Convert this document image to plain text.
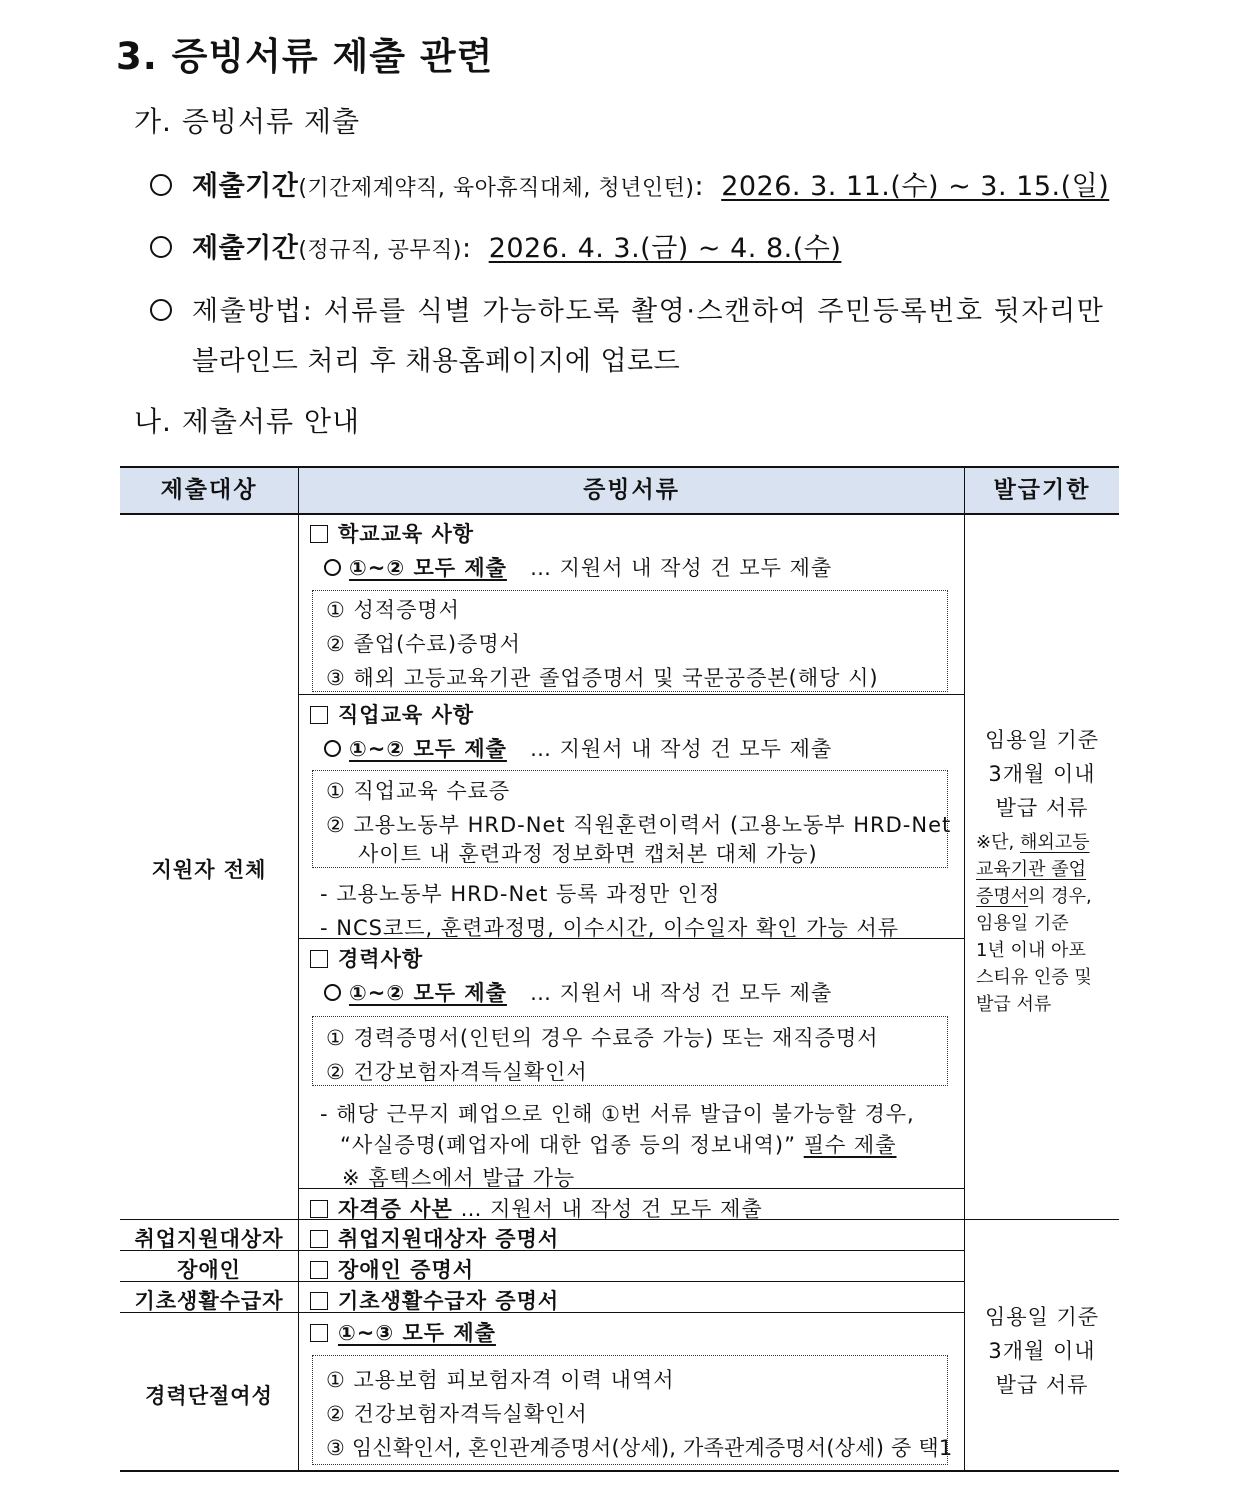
3. 증빙서류 제출 관련
가. 증빙서류 제출
제출기간(기간제계약직, 육아휴직대체, 청년인턴): 2026. 3. 11.(수) ~ 3. 15.(일)
제출기간(정규직, 공무직): 2026. 4. 3.(금) ~ 4. 8.(수)
제출방법: 서류를 식별 가능하도록 촬영·스캔하여 주민등록번호 뒷자리만
블라인드 처리 후 채용홈페이지에 업로드
나. 제출서류 안내
제출대상	증빙서류	발급기한
지원자 전체
취업지원대상자
장애인
기초생활수급자
경력단절여성
학교교육 사항
①~② 모두 제출 … 지원서 내 작성 건 모두 제출
① 성적증명서
② 졸업(수료)증명서
③ 해외 고등교육기관 졸업증명서 및 국문공증본(해당 시)
직업교육 사항
①~② 모두 제출 … 지원서 내 작성 건 모두 제출
① 직업교육 수료증
② 고용노동부 HRD-Net 직원훈련이력서 (고용노동부 HRD-Net
사이트 내 훈련과정 정보화면 캡처본 대체 가능)
- 고용노동부 HRD-Net 등록 과정만 인정
- NCS코드, 훈련과정명, 이수시간, 이수일자 확인 가능 서류
경력사항
①~② 모두 제출 … 지원서 내 작성 건 모두 제출
① 경력증명서(인턴의 경우 수료증 가능) 또는 재직증명서
② 건강보험자격득실확인서
- 해당 근무지 폐업으로 인해 ①번 서류 발급이 불가능할 경우,
“사실증명(폐업자에 대한 업종 등의 정보내역)” 필수 제출
※ 홈텍스에서 발급 가능
자격증 사본 … 지원서 내 작성 건 모두 제출
취업지원대상자 증명서
장애인 증명서
기초생활수급자 증명서
①~③ 모두 제출
① 고용보험 피보험자격 이력 내역서
② 건강보험자격득실확인서
③ 임신확인서, 혼인관계증명서(상세), 가족관계증명서(상세) 중 택1
임용일 기준
3개월 이내
발급 서류
※단, 해외고등
교육기관 졸업
증명서의 경우,
임용일 기준
1년 이내 아포
스티유 인증 및
발급 서류
임용일 기준
3개월 이내
발급 서류
